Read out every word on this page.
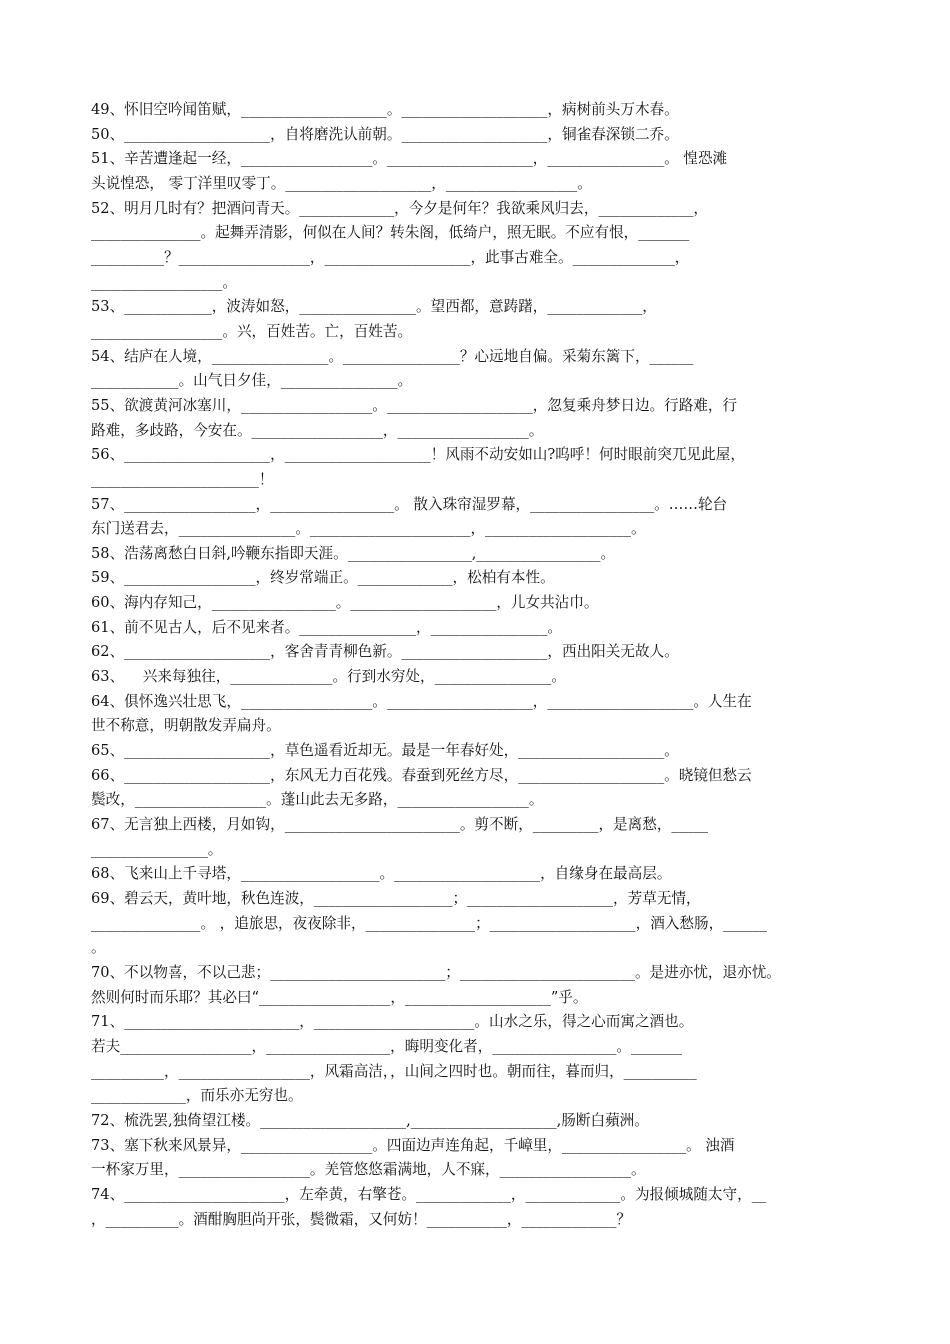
49、怀旧空吟闻笛赋，____________________。____________________，病树前头万木春。
50、____________________，自将磨洗认前朝。____________________，铜雀春深锁二乔。
51、辛苦遭逢起一经，__________________。____________________，________________。 惶恐滩
头说惶恐， 零丁洋里叹零丁。____________________，__________________。
52、明月几时有？把酒问青天。_____________，今夕是何年？我欲乘风归去，_____________，
_______________。起舞弄清影，何似在人间？转朱阁，低绮户，照无眠。不应有恨，_______
__________？__________________，____________________，此事古难全。______________，
__________________。
53、____________，波涛如怒，________________。望西都，意踌躇，_____________，
__________________。兴，百姓苦。亡，百姓苦。
54、结庐在人境，________________。________________？心远地自偏。采菊东篱下，______
____________。山气日夕佳，________________。
55、欲渡黄河冰塞川，__________________。____________________，忽复乘舟梦日边。行路难，行
路难，多歧路，今安在。__________________，__________________。
56、____________________，____________________！风雨不动安如山?呜呼！何时眼前突兀见此屋，
_______________________！
57、__________________，_________________。 散入珠帘湿罗幕，_________________。……轮台
东门送君去，________________。______________________，____________________。
58、浩荡离愁白日斜,吟鞭东指即天涯。_________________,_________________。
59、__________________，终岁常端正。_____________，松柏有本性。
60、海内存知己，_________________。____________________，儿女共沾巾。
61、前不见古人，后不见来者。________________，________________。
62、____________________，客舍青青柳色新。____________________，西出阳关无故人。
63、    兴来每独往，______________。行到水穷处，________________。
64、俱怀逸兴壮思飞，__________________。____________________，____________________。人生在
世不称意，明朝散发弄扁舟。
65、____________________，草色遥看近却无。最是一年春好处，____________________。
66、____________________，东风无力百花残。春蚕到死丝方尽，____________________。晓镜但愁云
鬓改，__________________。蓬山此去无多路，__________________。
67、无言独上西楼，月如钩，________________________。剪不断，_________，是离愁，_____
________________。
68、飞来山上千寻塔，___________________。____________________，自缘身在最高层。
69、碧云天，黄叶地，秋色连波，___________________；____________________，芳草无情，
_______________。 ，追旅思，夜夜除非，_______________；____________________，酒入愁肠，______
。
70、不以物喜，不以己悲；________________________；________________________。是进亦忧，退亦忧。
然则何时而乐耶？其必曰“__________________，____________________”乎。
71、________________________，______________________。山水之乐，得之心而寓之酒也。
若夫__________________，_________________，晦明变化者，_________________。_______
__________，__________________，风霜高洁，，山间之四时也。朝而往，暮而归，__________
_____________，而乐亦无穷也。
72、梳洗罢,独倚望江楼。____________________,____________________,肠断白蘋洲。
73、塞下秋来风景异，__________________。四面边声连角起，千嶂里，_________________。 浊酒
一杯家万里，__________________。羌管悠悠霜满地，人不寐，__________________。
74、______________________，左牵黄，右擎苍。_____________，_____________。为报倾城随太守，__
，__________。酒酣胸胆尚开张，鬓微霜，又何妨！___________，_____________？
